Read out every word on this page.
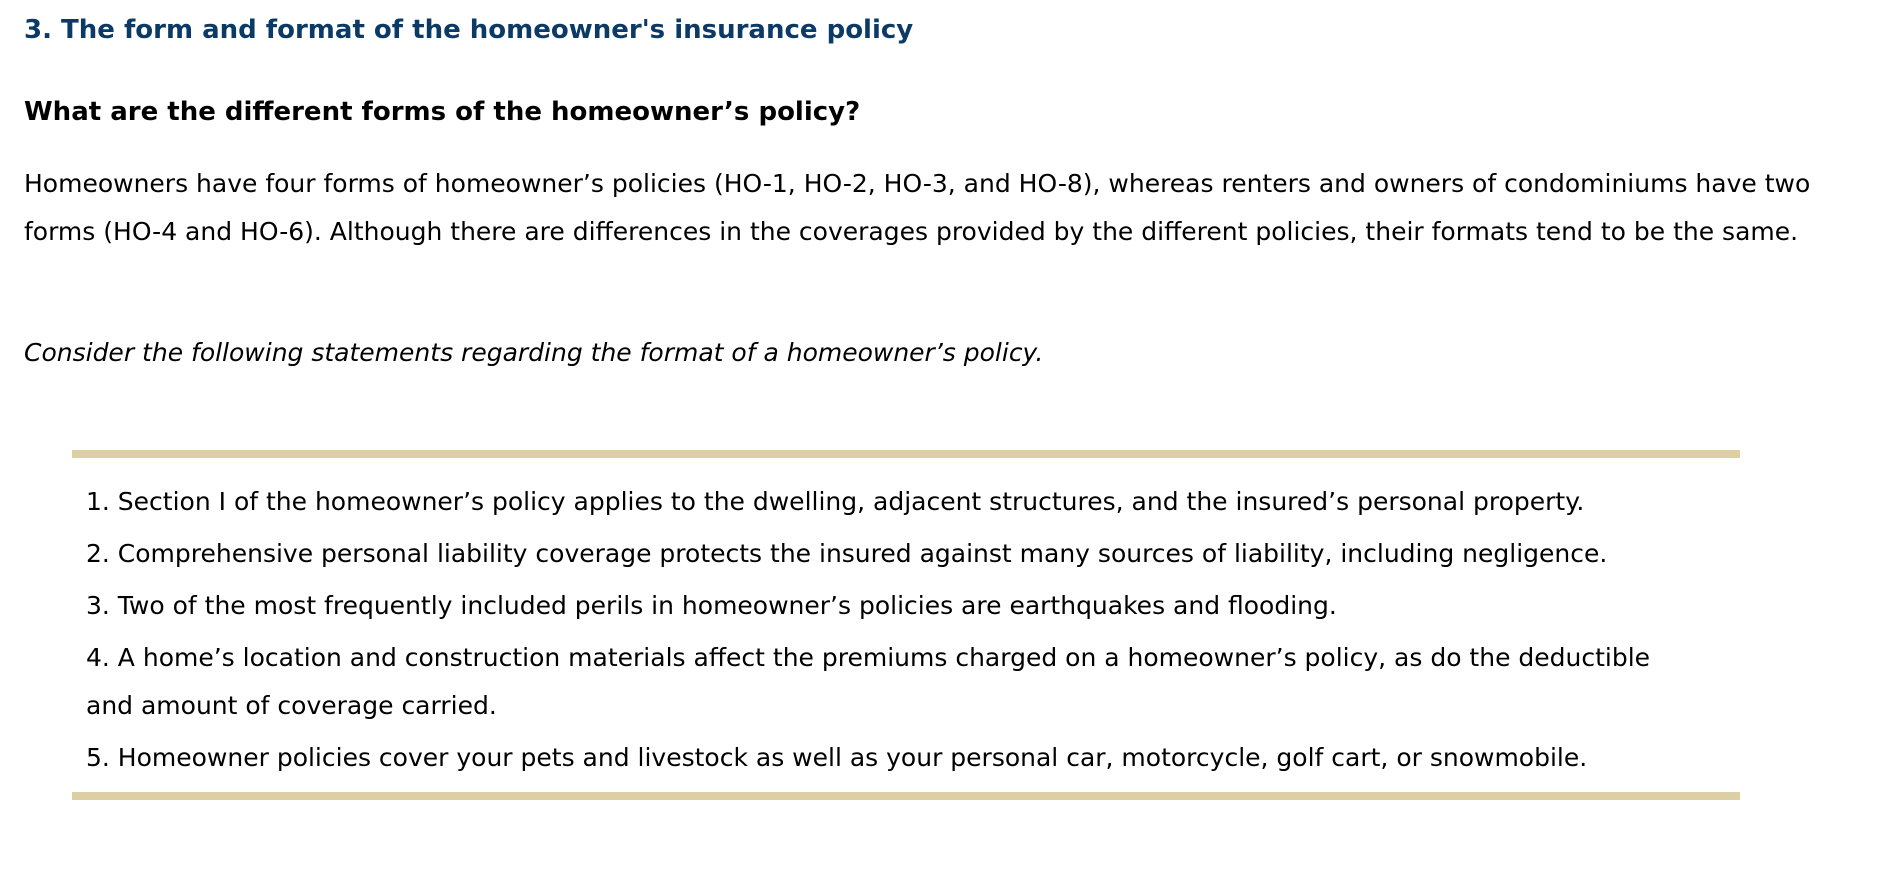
3. The form and format of the homeowner's insurance policy
What are the different forms of the homeowner’s policy?

Homeowners have four forms of homeowner’s policies (HO-1, HO-2, HO-3, and HO-8), whereas renters and owners of condominiums have two forms (HO-4 and HO-6). Although there are differences in the coverages provided by the different policies, their formats tend to be the same.

Consider the following statements regarding the format of a homeowner’s policy.

1. Section I of the homeowner’s policy applies to the dwelling, adjacent structures, and the insured’s personal property.
2. Comprehensive personal liability coverage protects the insured against many sources of liability, including negligence.
3. Two of the most frequently included perils in homeowner’s policies are earthquakes and flooding.
4. A home’s location and construction materials affect the premiums charged on a homeowner’s policy, as do the deductible and amount of coverage carried.
5. Homeowner policies cover your pets and livestock as well as your personal car, motorcycle, golf cart, or snowmobile.
